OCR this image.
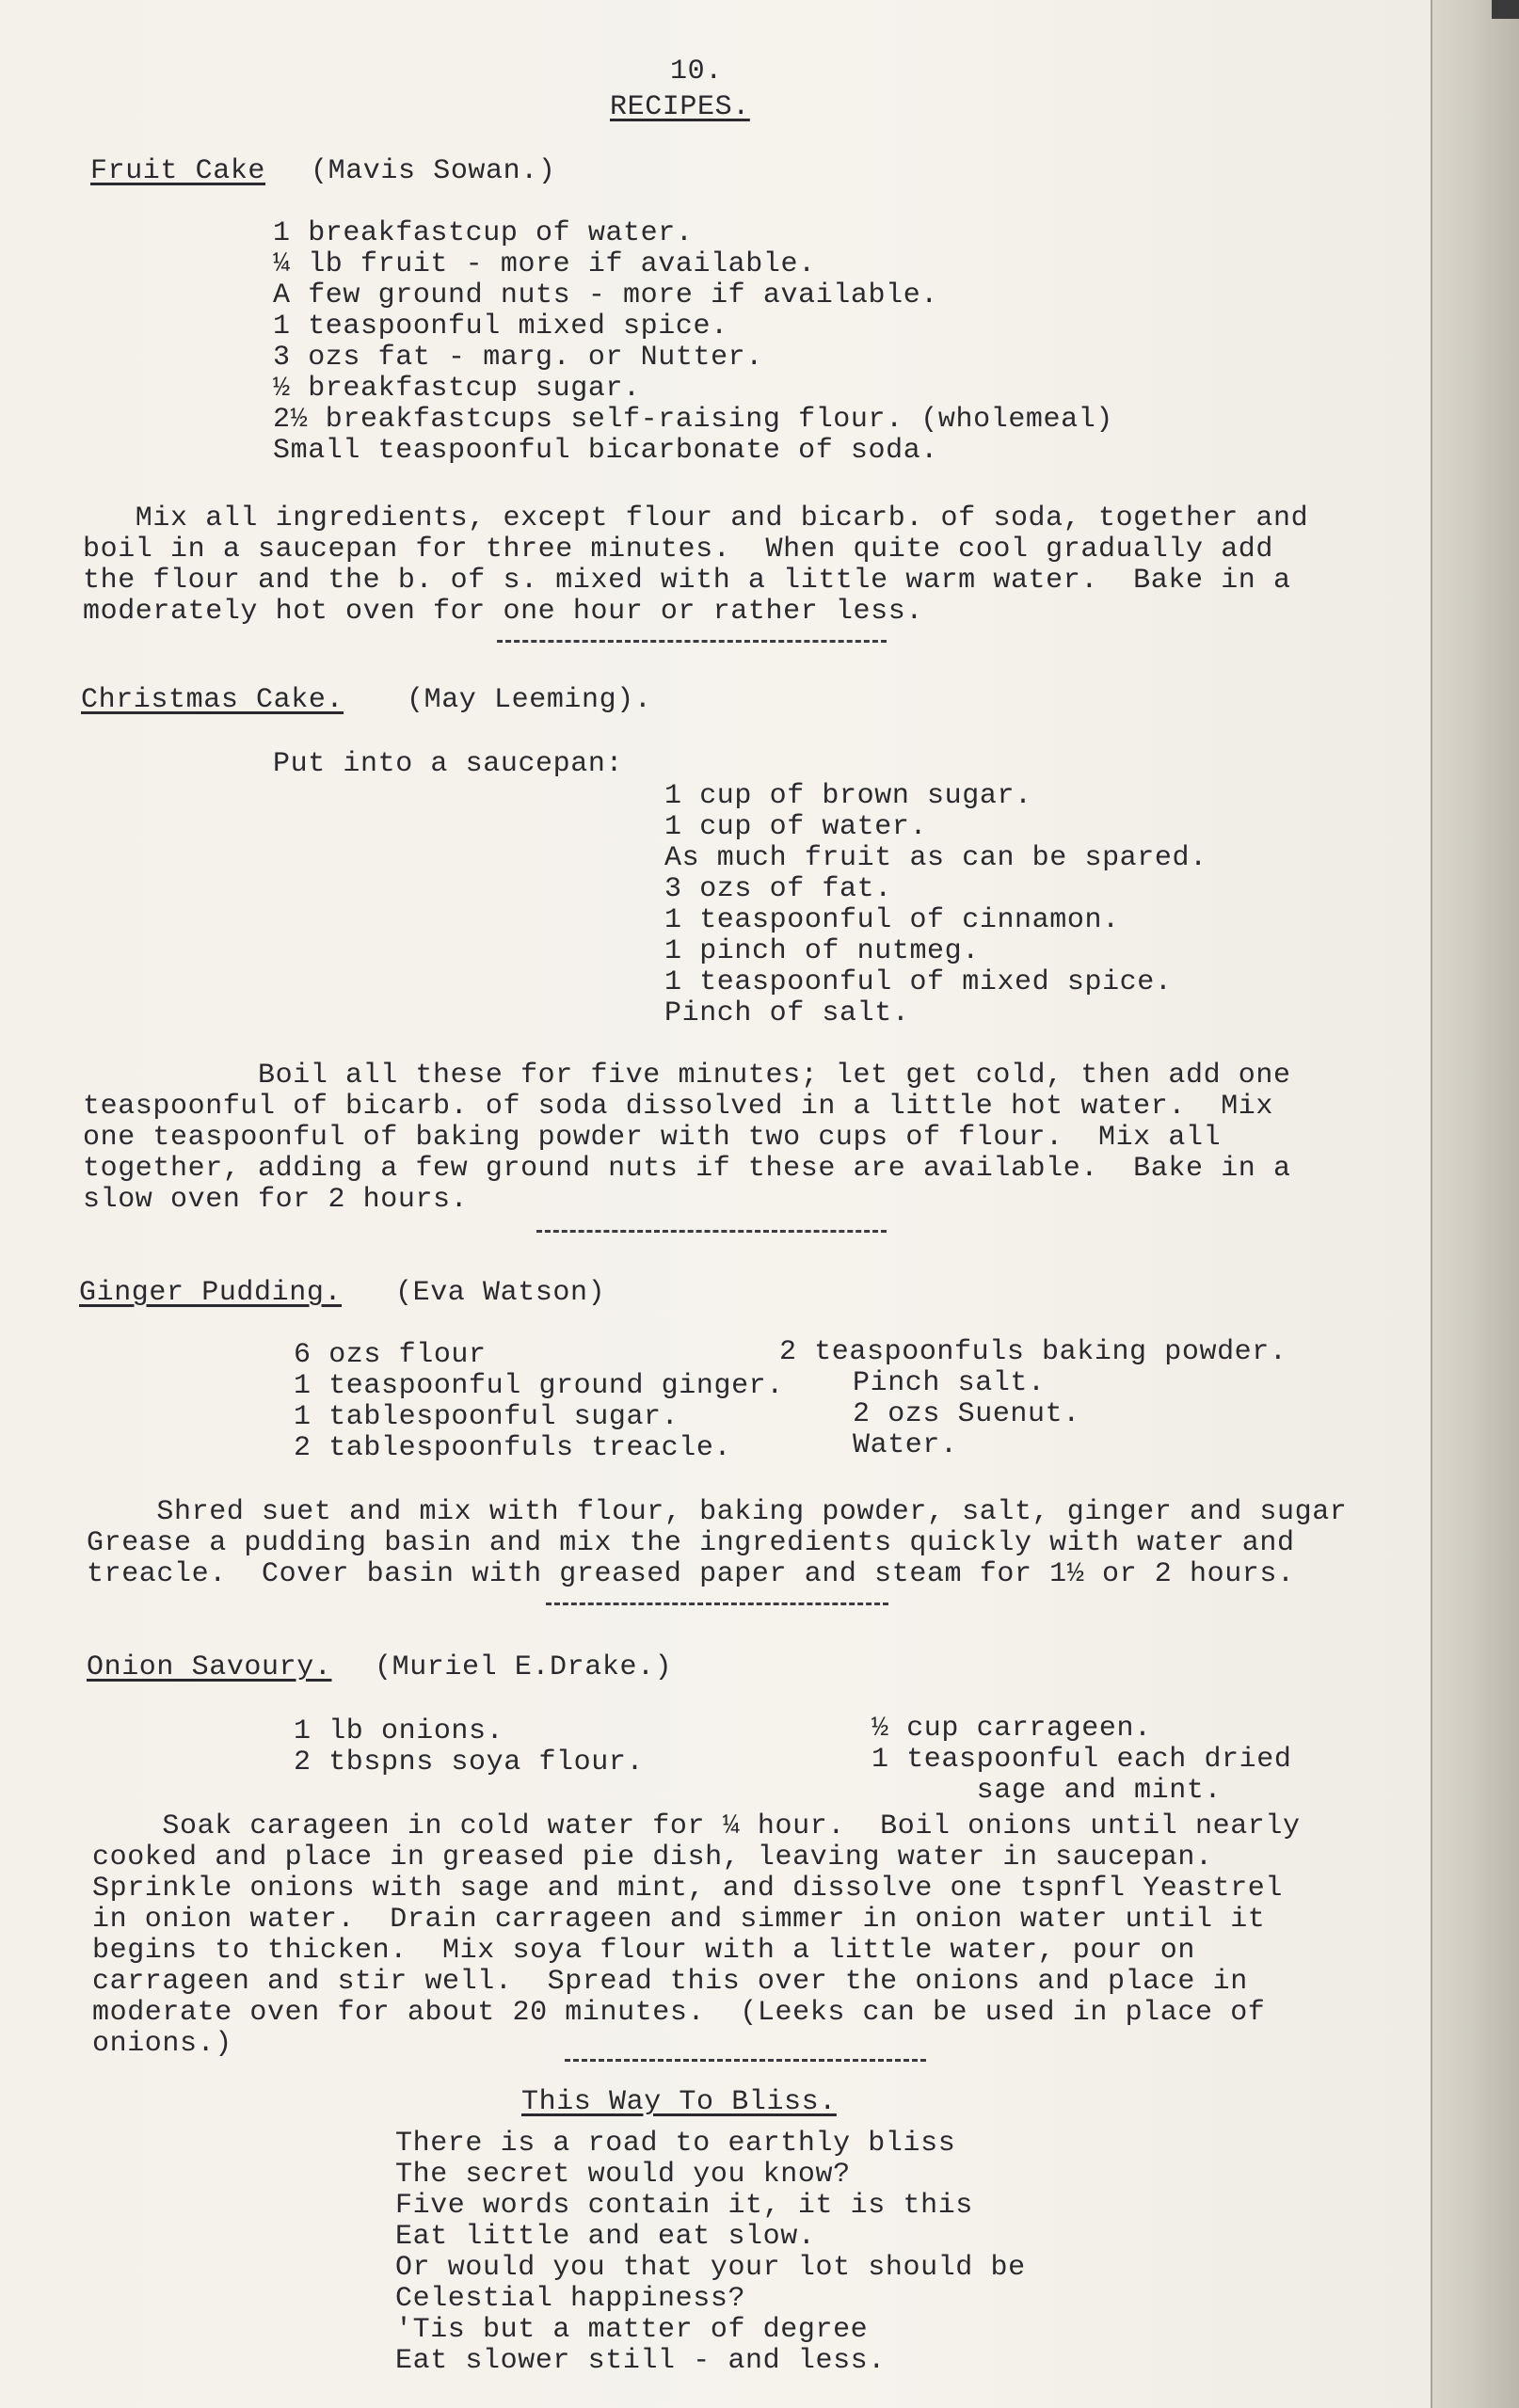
10.
RECIPES.
Fruit Cake (Mavis Sowan.)
1 breakfastcup of water.
¼ lb fruit - more if available.
A few ground nuts - more if available.
1 teaspoonful mixed spice.
3 ozs fat - marg. or Nutter.
½ breakfastcup sugar.
2½ breakfastcups self-raising flour. (wholemeal)
Small teaspoonful bicarbonate of soda.
Mix all ingredients, except flour and bicarb. of soda, together and
boil in a saucepan for three minutes.  When quite cool gradually add
the flour and the b. of s. mixed with a little warm water.  Bake in a
moderately hot oven for one hour or rather less.
Christmas Cake. (May Leeming).
Put into a saucepan:
1 cup of brown sugar.
1 cup of water.
As much fruit as can be spared.
3 ozs of fat.
1 teaspoonful of cinnamon.
1 pinch of nutmeg.
1 teaspoonful of mixed spice.
Pinch of salt.
Boil all these for five minutes; let get cold, then add one
teaspoonful of bicarb. of soda dissolved in a little hot water.  Mix
one teaspoonful of baking powder with two cups of flour.  Mix all
together, adding a few ground nuts if these are available.  Bake in a
slow oven for 2 hours.
Ginger Pudding. (Eva Watson)
6 ozs flour
1 teaspoonful ground ginger.
1 tablespoonful sugar.
2 tablespoonfuls treacle.
2 teaspoonfuls baking powder.
Pinch salt.
2 ozs Suenut.
Water.
Shred suet and mix with flour, baking powder, salt, ginger and sugar
Grease a pudding basin and mix the ingredients quickly with water and
treacle.  Cover basin with greased paper and steam for 1½ or 2 hours.
Onion Savoury. (Muriel E.Drake.)
1 lb onions.
2 tbspns soya flour.
½ cup carrageen.
1 teaspoonful each dried
sage and mint.
Soak carageen in cold water for ¼ hour.  Boil onions until nearly
cooked and place in greased pie dish, leaving water in saucepan.
Sprinkle onions with sage and mint, and dissolve one tspnfl Yeastrel
in onion water.  Drain carrageen and simmer in onion water until it
begins to thicken.  Mix soya flour with a little water, pour on
carrageen and stir well.  Spread this over the onions and place in
moderate oven for about 20 minutes.  (Leeks can be used in place of
onions.)
This Way To Bliss.
There is a road to earthly bliss
The secret would you know?
Five words contain it, it is this
Eat little and eat slow.
Or would you that your lot should be
Celestial happiness?
'Tis but a matter of degree
Eat slower still - and less.
